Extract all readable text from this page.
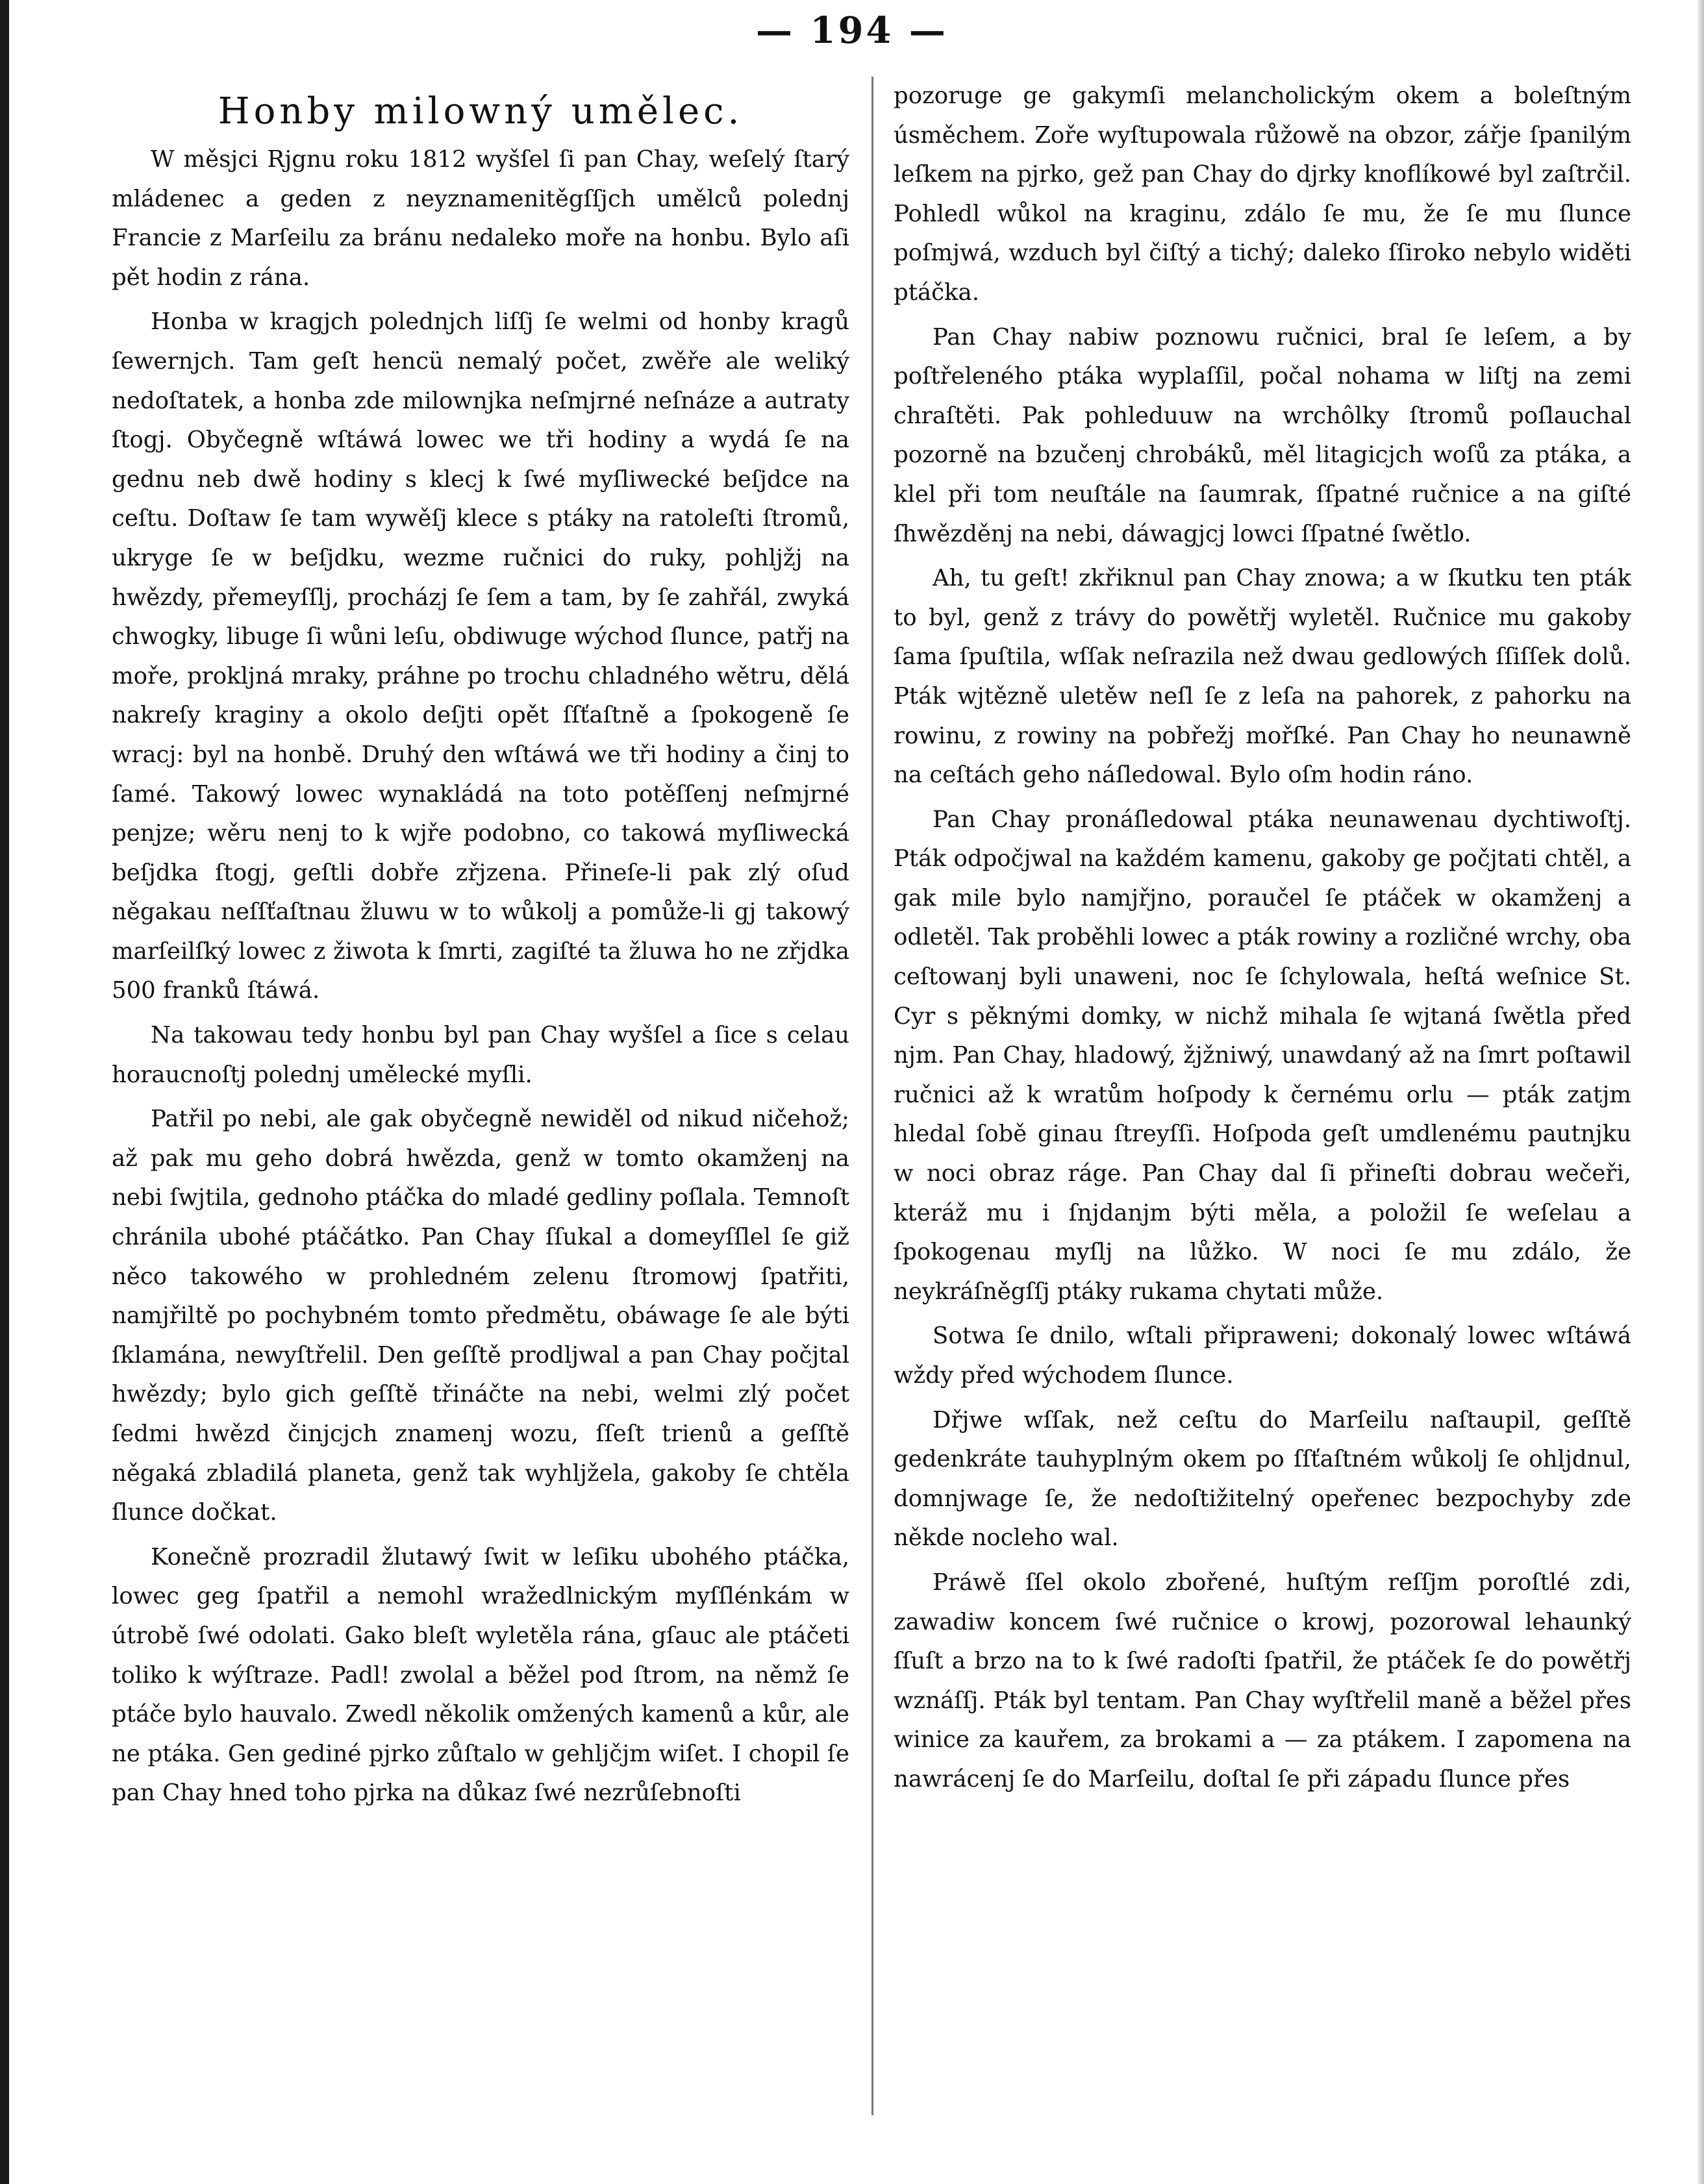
— 194 —
Honby milowný umělec.

W měsjci Rjgnu roku 1812 wyšſel ſi pan Chay, weſelý ſtarý mládenec a geden z neyznamenitěgſſjch umělců polednj Francie z Marſeilu za bránu nedaleko moře na honbu. Bylo aſi pět hodin z rána.

Honba w kragjch polednjch liſſj ſe welmi od honby kragů ſewernjch. Tam geſt hencü nemalý počet, zwěře ale weliký nedoſtatek, a honba zde milownjka neſmjrné neſnáze a autraty ſtogj. Obyčegně wſtáwá lowec we tři hodiny a wydá ſe na gednu neb dwě hodiny s klecj k ſwé myſliwecké beſjdce na ceſtu. Doſtaw ſe tam wywěſj klece s ptáky na ratoleſti ſtromů, ukryge ſe w beſjdku, wezme ručnici do ruky, pohljžj na hwězdy, přemeyſſlj, procházj ſe ſem a tam, by ſe zahřál, zwyká chwogky, libuge ſi wůni leſu, obdiwuge wýchod ſlunce, patřj na moře, prokljná mraky, práhne po trochu chladného wětru, dělá nakreſy kraginy a okolo deſjti opět ſſťaſtně a ſpokogeně ſe wracj: byl na honbě. Druhý den wſtáwá we tři hodiny a činj to ſamé. Takowý lowec wynakládá na toto potěſſenj neſmjrné penjze; wěru nenj to k wjře podobno, co takowá myſliwecká beſjdka ſtogj, geſtli dobře zřjzena. Přineſe-li pak zlý oſud něgakau neſſťaſtnau žluwu w to wůkolj a pomůže-li gj takowý marſeilſký lowec z žiwota k ſmrti, zagiſté ta žluwa ho ne zřjdka 500 franků ſtáwá.

Na takowau tedy honbu byl pan Chay wyšſel a ſice s celau horaucnoſtj polednj umělecké myſli.

Patřil po nebi, ale gak obyčegně newiděl od nikud ničehož; až pak mu geho dobrá hwězda, genž w tomto okamženj na nebi ſwjtila, gednoho ptáčka do mladé gedliny poſlala. Temnoſt chránila ubohé ptáčátko. Pan Chay ſſukal a domeyſſlel ſe giž něco takowého w prohledném zelenu ſtromowj ſpatřiti, namjřiltě po pochybném tomto předmětu, obáwage ſe ale býti ſklamána, newyſtřelil. Den geſſtě prodljwal a pan Chay počjtal hwězdy; bylo gich geſſtě třináčte na nebi, welmi zlý počet ſedmi hwězd činjcjch znamenj wozu, ſſeſt trienů a geſſtě něgaká zbladilá planeta, genž tak wyhljžela, gakoby ſe chtěla ſlunce dočkat.

Konečně prozradil žlutawý ſwit w leſiku ubohého ptáčka, lowec geg ſpatřil a nemohl wražedlnickým myſſlénkám w útrobě ſwé odolati. Gako bleſt wyletěla rána, gſauc ale ptáčeti toliko k wýſtraze. Padl! zwolal a běžel pod ſtrom, na němž ſe ptáče bylo hauvalo. Zwedl několik omžených kamenů a kůr, ale ne ptáka. Gen gediné pjrko zůſtalo w gehljčjm wiſet. I chopil ſe pan Chay hned toho pjrka na důkaz ſwé nezrůſebnoſti

pozoruge ge gakymſi melancholickým okem a boleſtným úsměchem. Zoře wyſtupowala růžowě na obzor, zářje ſpanilým leſkem na pjrko, gež pan Chay do djrky knoflíkowé byl zaſtrčil. Pohledl wůkol na kraginu, zdálo ſe mu, že ſe mu ſlunce poſmjwá, wzduch byl čiſtý a tichý; daleko ſſiroko nebylo widěti ptáčka.

Pan Chay nabiw poznowu ručnici, bral ſe leſem, a by poſtřeleného ptáka wyplaſſil, počal nohama w liſtj na zemi chraſtěti. Pak pohleduuw na wrchôlky ſtromů poſlauchal pozorně na bzučenj chrobáků, měl litagicjch woſů za ptáka, a klel při tom neuſtále na ſaumrak, ſſpatné ručnice a na giſté ſhwězděnj na nebi, dáwagjcj lowci ſſpatné ſwětlo.

Ah, tu geſt! zkřiknul pan Chay znowa; a w ſkutku ten pták to byl, genž z trávy do powětřj wyletěl. Ručnice mu gakoby ſama ſpuſtila, wſſak neſrazila než dwau gedlowých ſſiſſek dolů. Pták wjtězně uletěw neſl ſe z leſa na pahorek, z pahorku na rowinu, z rowiny na pobřežj mořſké. Pan Chay ho neunawně na ceſtách geho náſledowal. Bylo oſm hodin ráno.

Pan Chay pronáſledowal ptáka neunawenau dychtiwoſtj. Pták odpočjwal na každém kamenu, gakoby ge počjtati chtěl, a gak mile bylo namjřjno, poraučel ſe ptáček w okamženj a odletěl. Tak proběhli lowec a pták rowiny a rozličné wrchy, oba ceſtowanj byli unaweni, noc ſe ſchylowala, heſtá weſnice St. Cyr s pěknými domky, w nichž mihala ſe wjtaná ſwětla před njm. Pan Chay, hladowý, žjžniwý, unawdaný až na ſmrt poſtawil ručnici až k wratům hoſpody k černému orlu — pták zatjm hledal ſobě ginau ſtreyſſi. Hoſpoda geſt umdlenému pautnjku w noci obraz ráge. Pan Chay dal ſi přineſti dobrau wečeři, kteráž mu i ſnjdanjm býti měla, a položil ſe weſelau a ſpokogenau myſlj na lůžko. W noci ſe mu zdálo, že neykráſněgſſj ptáky rukama chytati může.

Sotwa ſe dnilo, wſtali připraweni; dokonalý lowec wſtáwá wždy před wýchodem ſlunce.

Dřjwe wſſak, než ceſtu do Marſeilu naſtaupil, geſſtě gedenkráte tauhyplným okem po ſſťaſtném wůkolj ſe ohljdnul, domnjwage ſe, že nedoſtižitelný opeřenec bezpochyby zde někde nocleho wal.

Práwě ſſel okolo zbořené, huſtým reſſjm poroſtlé zdi, zawadiw koncem ſwé ručnice o krowj, pozorowal lehaunký ſſuſt a brzo na to k ſwé radoſti ſpatřil, že ptáček ſe do powětřj wznáſſj. Pták byl tentam. Pan Chay wyſtřelil maně a běžel přes winice za kauřem, za brokami a — za ptákem. I zapomena na nawrácenj ſe do Marſeilu, doſtal ſe při západu ſlunce přes
